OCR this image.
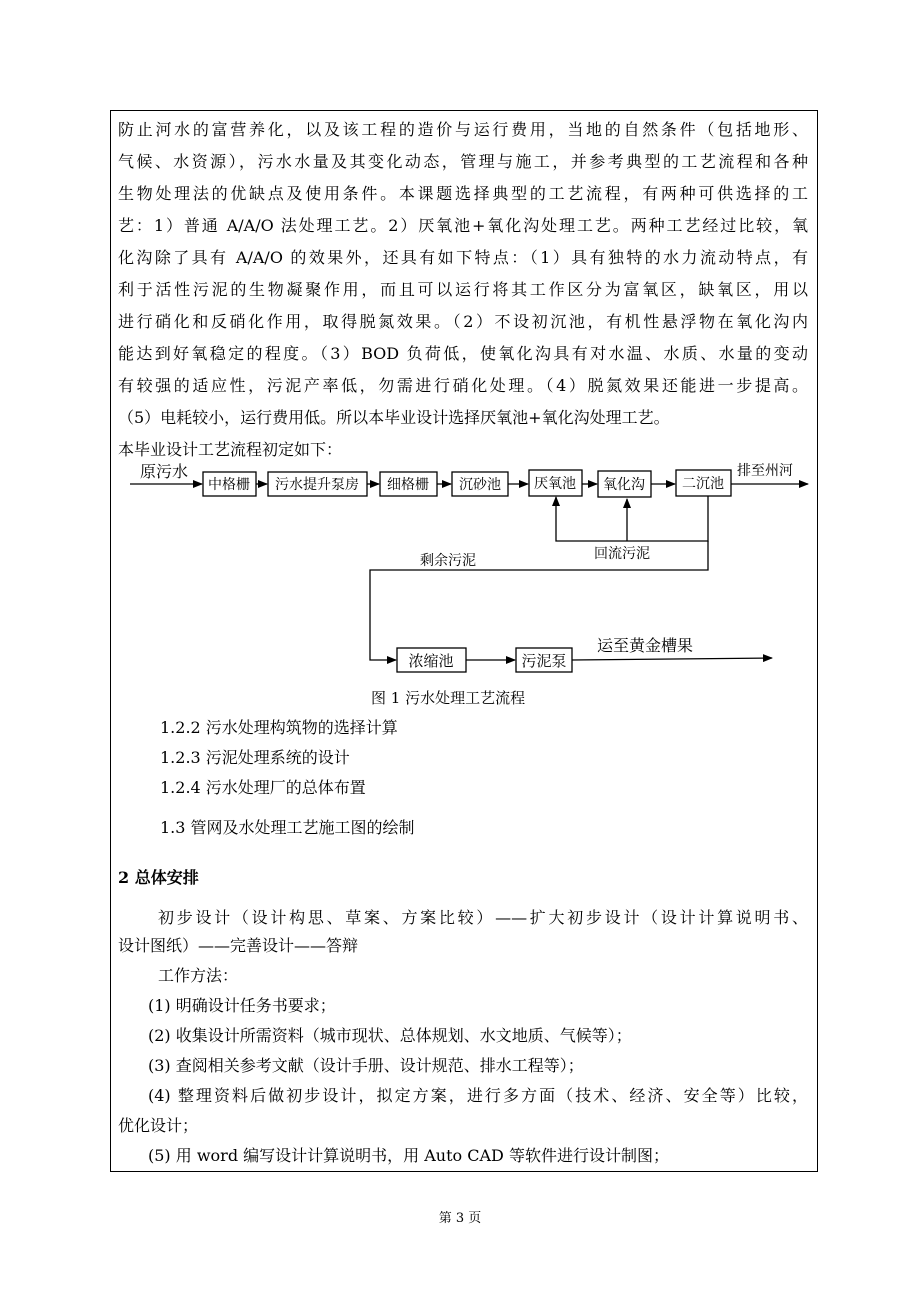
防止河水的富营养化，以及该工程的造价与运行费用，当地的自然条件（包括地形、
气候、水资源），污水水量及其变化动态，管理与施工，并参考典型的工艺流程和各种
生物处理法的优缺点及使用条件。本课题选择典型的工艺流程，有两种可供选择的工
艺：1）普通 A/A/O 法处理工艺。2）厌氧池+氧化沟处理工艺。两种工艺经过比较，氧
化沟除了具有 A/A/O 的效果外，还具有如下特点：（1）具有独特的水力流动特点，有
利于活性污泥的生物凝聚作用，而且可以运行将其工作区分为富氧区，缺氧区，用以
进行硝化和反硝化作用，取得脱氮效果。（2）不设初沉池，有机性悬浮物在氧化沟内
能达到好氧稳定的程度。（3）BOD 负荷低，使氧化沟具有对水温、水质、水量的变动
有较强的适应性，污泥产率低，勿需进行硝化处理。（4）脱氮效果还能进一步提高。
（5）电耗较小，运行费用低。所以本毕业设计选择厌氧池+氧化沟处理工艺。
本毕业设计工艺流程初定如下：
中格栅 污水提升泵房 细格栅 沉砂池 厌氧池 氧化沟	二沉池
浓缩池	污泥泵
原污水	排至州河
回流污泥
剩余污泥
运至黄金槽果
图 1 污水处理工艺流程
1.2.2 污水处理构筑物的选择计算
1.2.3 污泥处理系统的设计
1.2.4 污水处理厂的总体布置
1.3 管网及水处理工艺施工图的绘制
2 总体安排
初步设计（设计构思、草案、方案比较）——扩大初步设计（设计计算说明书、
设计图纸）——完善设计——答辩
工作方法：
(1) 明确设计任务书要求；
(2) 收集设计所需资料（城市现状、总体规划、水文地质、气候等）；
(3) 查阅相关参考文献（设计手册、设计规范、排水工程等）；
(4) 整理资料后做初步设计，拟定方案，进行多方面（技术、经济、安全等）比较，
优化设计；
(5) 用 word 编写设计计算说明书，用 Auto CAD 等软件进行设计制图；
第 3 页
